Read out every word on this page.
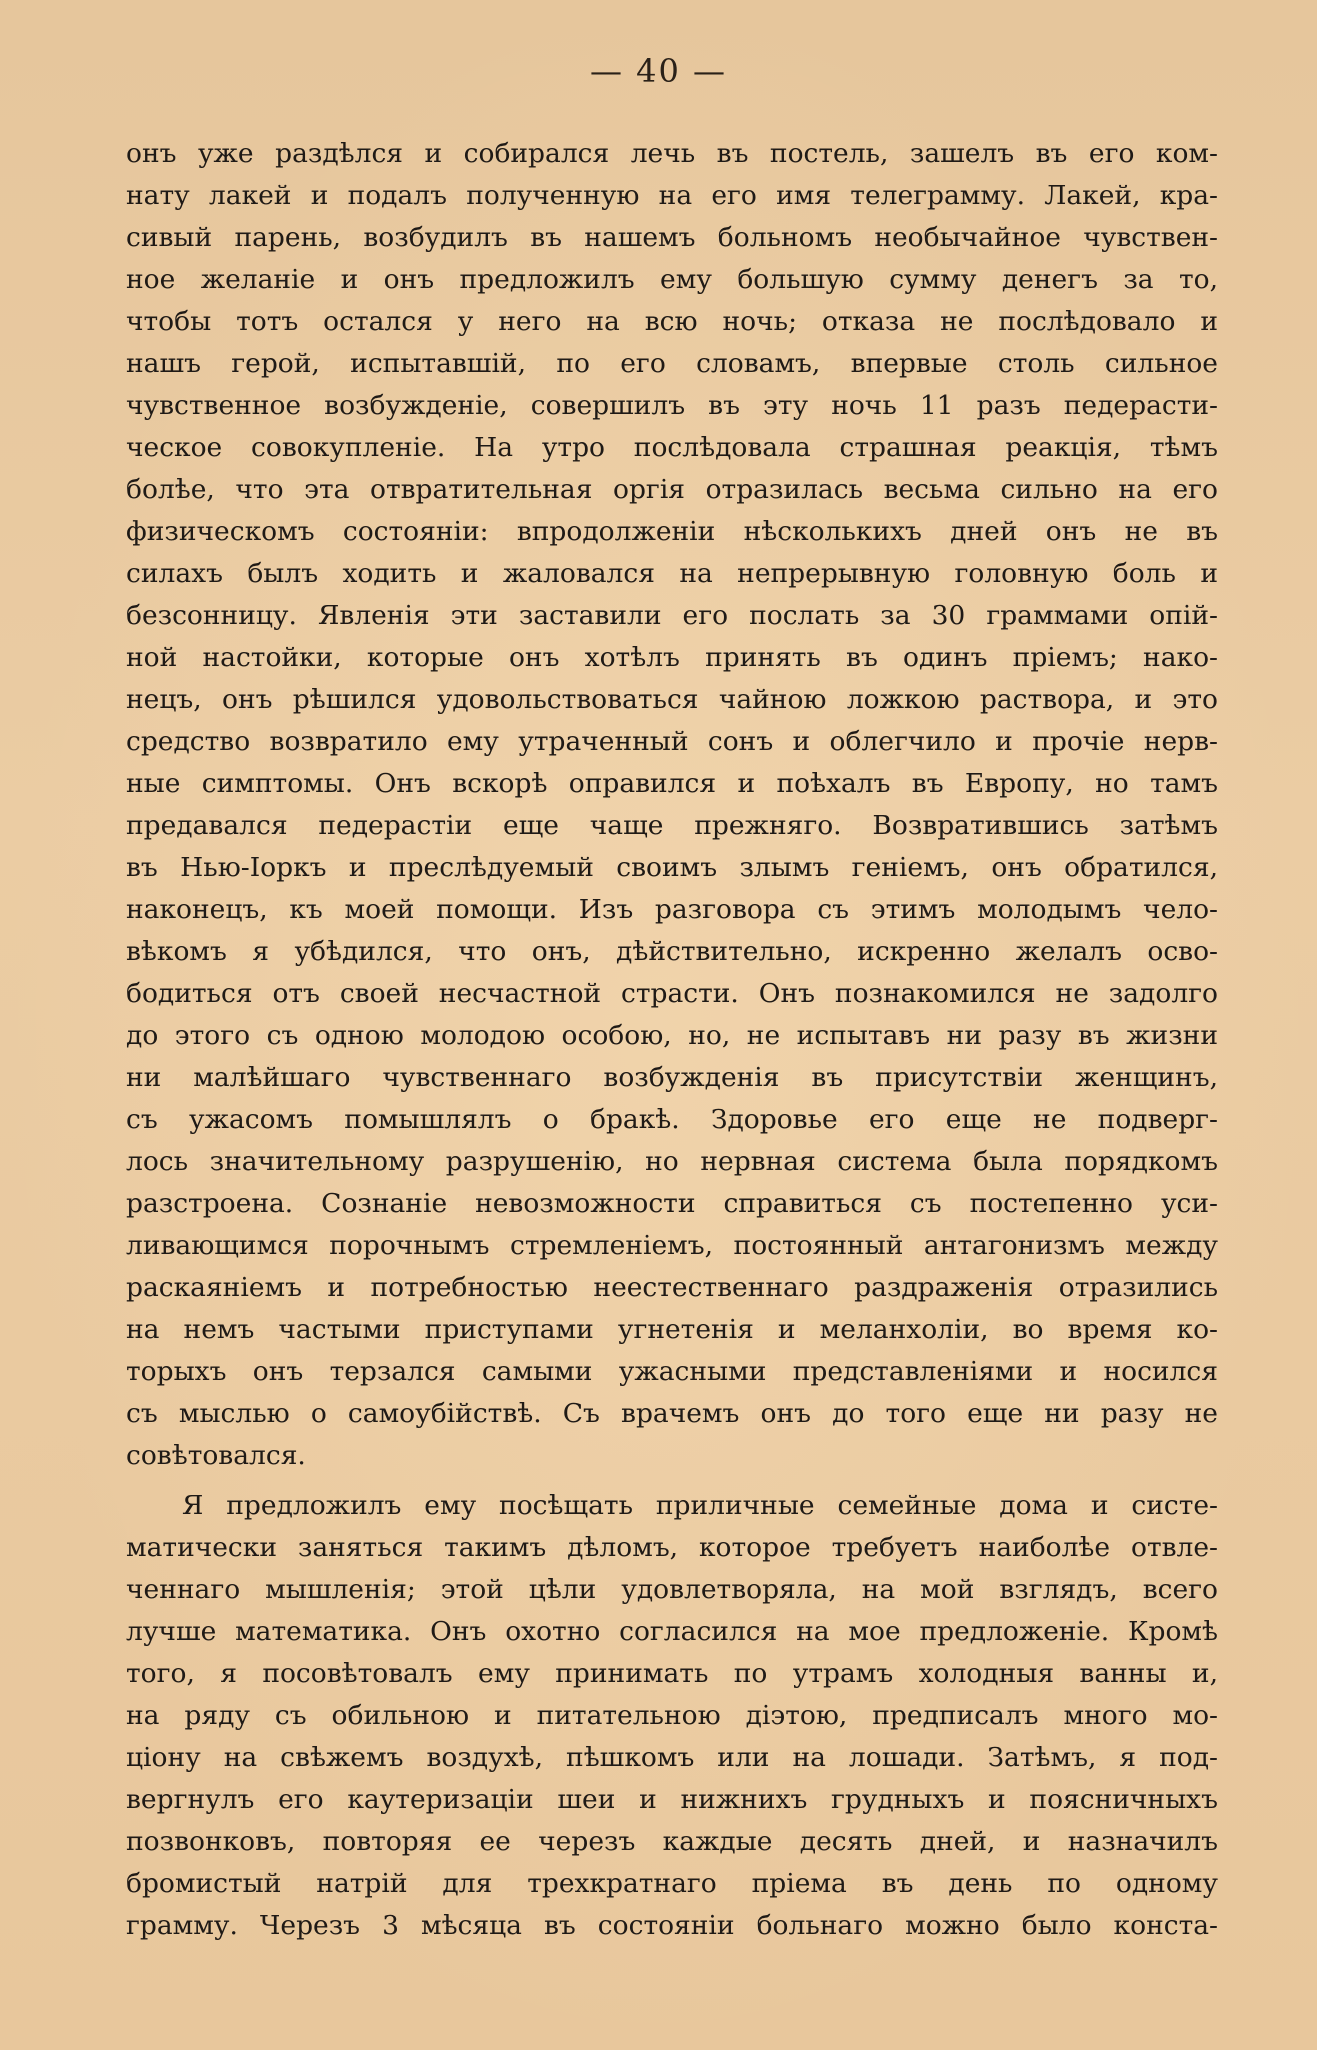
— 40 —
онъ уже раздѣлся и собирался лечь въ постель, зашелъ въ его ком-
нату лакей и подалъ полученную на его имя телеграмму. Лакей, кра-
сивый парень, возбудилъ въ нашемъ больномъ необычайное чувствен-
ное желаніе и онъ предложилъ ему большую сумму денегъ за то,
чтобы тотъ остался у него на всю ночь; отказа не послѣдовало и
нашъ герой, испытавшій, по его словамъ, впервые столь сильное
чувственное возбужденіе, совершилъ въ эту ночь 11 разъ педерасти-
ческое совокупленіе. На утро послѣдовала страшная реакція, тѣмъ
болѣе, что эта отвратительная оргія отразилась весьма сильно на его
физическомъ состояніи: впродолженіи нѣсколькихъ дней онъ не въ
силахъ былъ ходить и жаловался на непрерывную головную боль и
безсонницу. Явленія эти заставили его послать за 30 граммами опій-
ной настойки, которые онъ хотѣлъ принять въ одинъ пріемъ; нако-
нецъ, онъ рѣшился удовольствоваться чайною ложкою раствора, и это
средство возвратило ему утраченный сонъ и облегчило и прочіе нерв-
ные симптомы. Онъ вскорѣ оправился и поѣхалъ въ Европу, но тамъ
предавался педерастіи еще чаще прежняго. Возвратившись затѣмъ
въ Нью-Іоркъ и преслѣдуемый своимъ злымъ геніемъ, онъ обратился,
наконецъ, къ моей помощи. Изъ разговора съ этимъ молодымъ чело-
вѣкомъ я убѣдился, что онъ, дѣйствительно, искренно желалъ осво-
бодиться отъ своей несчастной страсти. Онъ познакомился не задолго
до этого съ одною молодою особою, но, не испытавъ ни разу въ жизни
ни малѣйшаго чувственнаго возбужденія въ присутствіи женщинъ,
съ ужасомъ помышлялъ о бракѣ. Здоровье его еще не подверг-
лось значительному разрушенію, но нервная система была порядкомъ
разстроена. Сознаніе невозможности справиться съ постепенно уси-
ливающимся порочнымъ стремленіемъ, постоянный антагонизмъ между
раскаяніемъ и потребностью неестественнаго раздраженія отразились
на немъ частыми приступами угнетенія и меланхоліи, во время ко-
торыхъ онъ терзался самыми ужасными представленіями и носился
съ мыслью о самоубійствѣ. Съ врачемъ онъ до того еще ни разу не
совѣтовался.
Я предложилъ ему посѣщать приличные семейные дома и систе-
матически заняться такимъ дѣломъ, которое требуетъ наиболѣе отвле-
ченнаго мышленія; этой цѣли удовлетворяла, на мой взглядъ, всего
лучше математика. Онъ охотно согласился на мое предложеніе. Кромѣ
того, я посовѣтовалъ ему принимать по утрамъ холодныя ванны и,
на ряду съ обильною и питательною діэтою, предписалъ много мо-
ціону на свѣжемъ воздухѣ, пѣшкомъ или на лошади. Затѣмъ, я под-
вергнулъ его каутеризаціи шеи и нижнихъ грудныхъ и поясничныхъ
позвонковъ, повторяя ее черезъ каждые десять дней, и назначилъ
бромистый натрій для трехкратнаго пріема въ день по одному
грамму. Черезъ 3 мѣсяца въ состояніи больнаго можно было конста-
